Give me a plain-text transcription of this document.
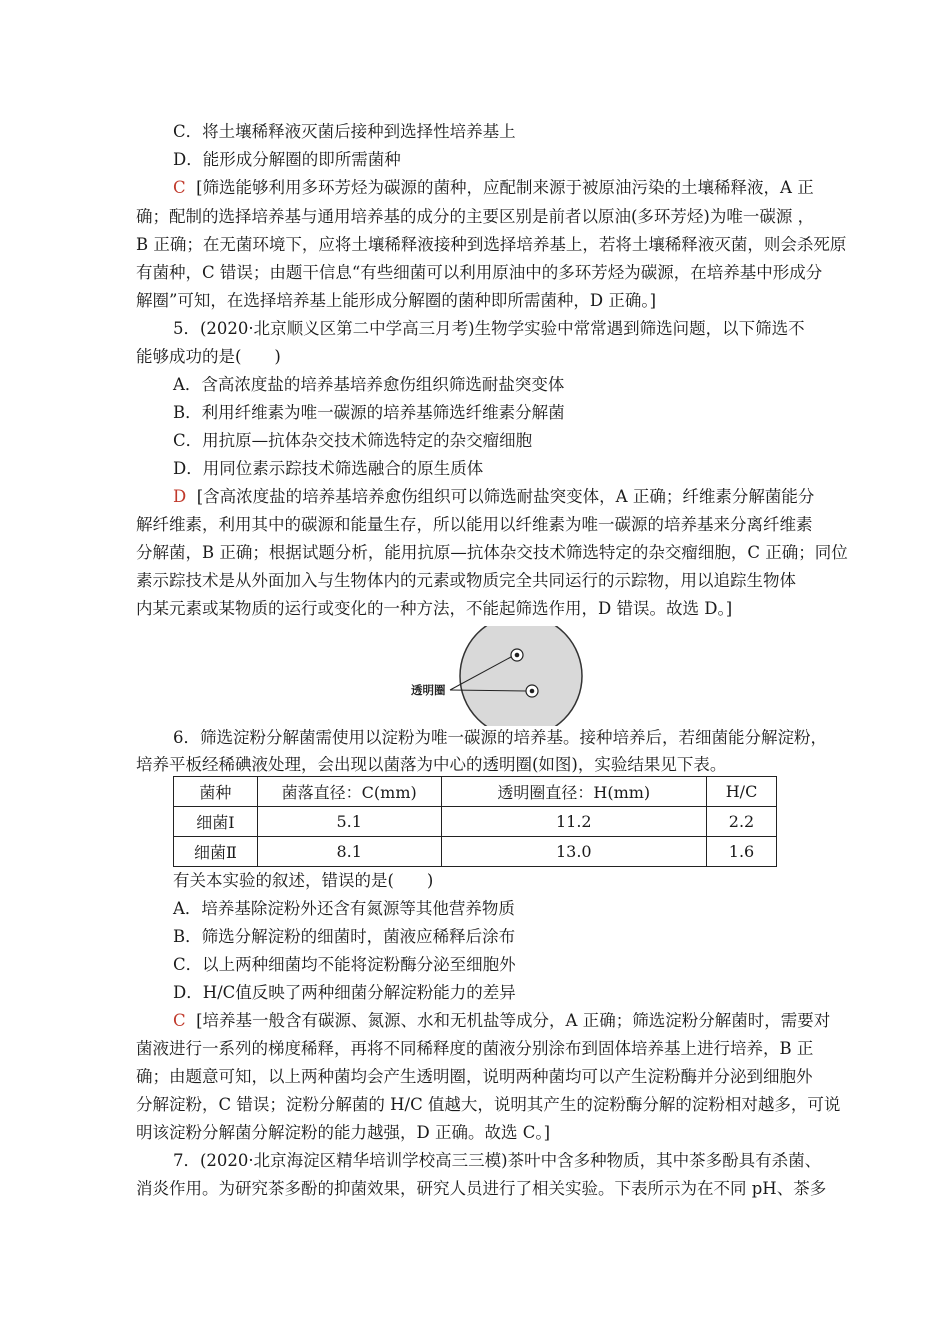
C．将土壤稀释液灭菌后接种到选择性培养基上
D．能形成分解圈的即所需菌种
C [筛选能够利用多环芳烃为碳源的菌种，应配制来源于被原油污染的土壤稀释液，A 正
确；配制的选择培养基与通用培养基的成分的主要区别是前者以原油(多环芳烃)为唯一碳源 ，
B 正确；在无菌环境下，应将土壤稀释液接种到选择培养基上，若将土壤稀释液灭菌，则会杀死原
有菌种，C 错误；由题干信息“有些细菌可以利用原油中的多环芳烃为碳源，在培养基中形成分
解圈”可知，在选择培养基上能形成分解圈的菌种即所需菌种，D 正确。]
5．(2020·北京顺义区第二中学高三月考)生物学实验中常常遇到筛选问题，以下筛选不
能够成功的是(　　)
A．含高浓度盐的培养基培养愈伤组织筛选耐盐突变体
B．利用纤维素为唯一碳源的培养基筛选纤维素分解菌
C．用抗原—抗体杂交技术筛选特定的杂交瘤细胞
D．用同位素示踪技术筛选融合的原生质体
D [含高浓度盐的培养基培养愈伤组织可以筛选耐盐突变体，A 正确；纤维素分解菌能分
解纤维素，利用其中的碳源和能量生存，所以能用以纤维素为唯一碳源的培养基来分离纤维素
分解菌，B 正确；根据试题分析，能用抗原—抗体杂交技术筛选特定的杂交瘤细胞，C 正确；同位
素示踪技术是从外面加入与生物体内的元素或物质完全共同运行的示踪物，用以追踪生物体
内某元素或某物质的运行或变化的一种方法，不能起筛选作用，D 错误。故选 D。]
透明圈
6．筛选淀粉分解菌需使用以淀粉为唯一碳源的培养基。接种培养后，若细菌能分解淀粉，
培养平板经稀碘液处理，会出现以菌落为中心的透明圈(如图)，实验结果见下表。
菌种	菌落直径：C(mm)	透明圈直径：H(mm)	H/C
细菌Ⅰ	5.1	11.2	2.2
细菌Ⅱ	8.1	13.0	1.6
有关本实验的叙述，错误的是(　　)
A．培养基除淀粉外还含有氮源等其他营养物质
B．筛选分解淀粉的细菌时，菌液应稀释后涂布
C．以上两种细菌均不能将淀粉酶分泌至细胞外
D．H/C值反映了两种细菌分解淀粉能力的差异
C [培养基一般含有碳源、氮源、水和无机盐等成分，A 正确；筛选淀粉分解菌时，需要对
菌液进行一系列的梯度稀释，再将不同稀释度的菌液分别涂布到固体培养基上进行培养，B 正
确；由题意可知，以上两种菌均会产生透明圈，说明两种菌均可以产生淀粉酶并分泌到细胞外
分解淀粉，C 错误；淀粉分解菌的 H/C 值越大，说明其产生的淀粉酶分解的淀粉相对越多，可说
明该淀粉分解菌分解淀粉的能力越强，D 正确。故选 C。]
7．(2020·北京海淀区精华培训学校高三三模)茶叶中含多种物质，其中茶多酚具有杀菌、
消炎作用。为研究茶多酚的抑菌效果，研究人员进行了相关实验。下表所示为在不同 pH、茶多
